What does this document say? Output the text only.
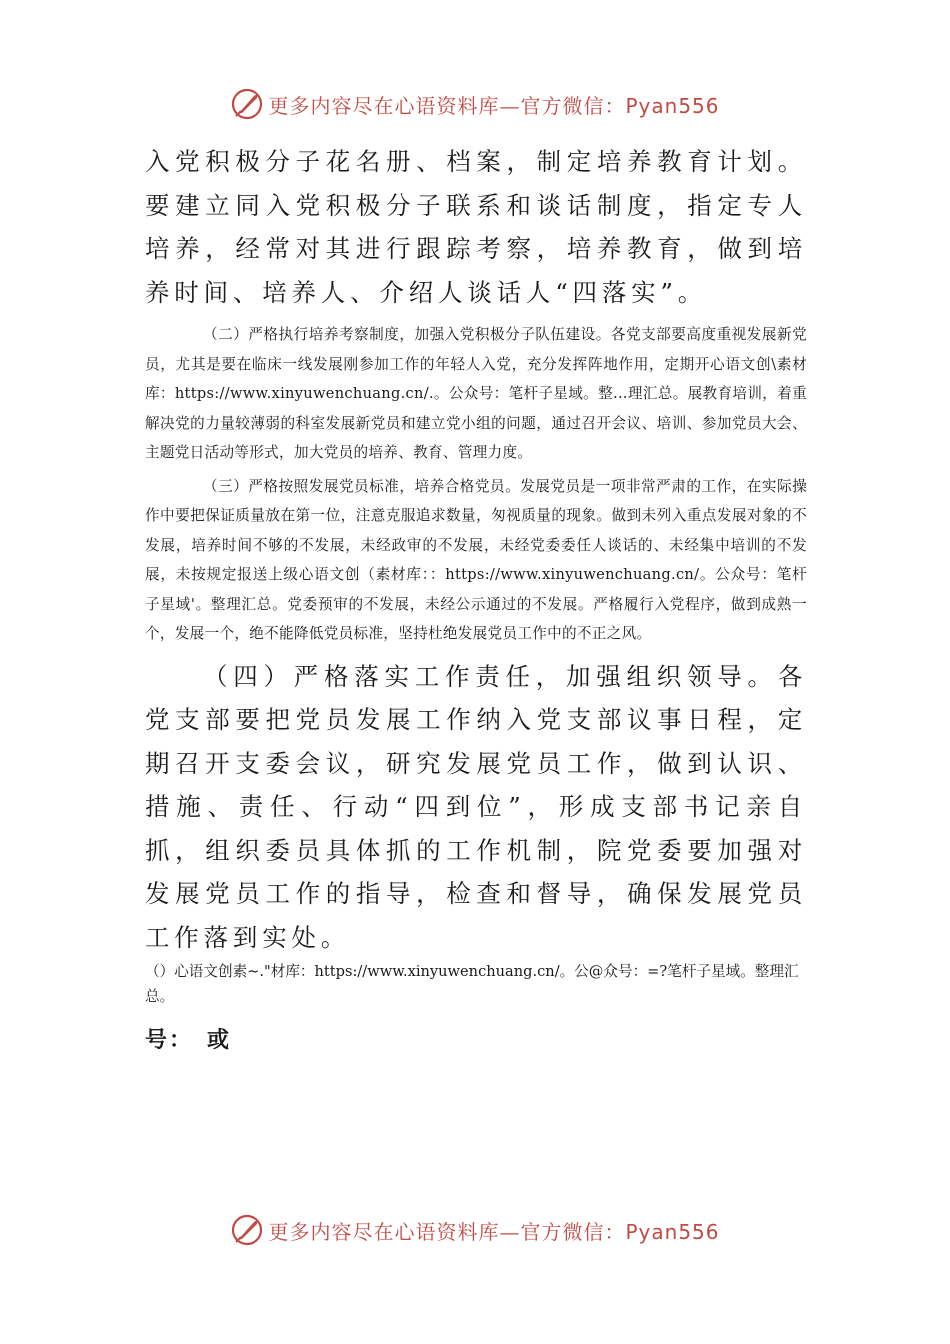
更多内容尽在心语资料库—官方微信：Pyan556

入党积极分子花名册、档案，制定培养教育计划。要建立同入党积极分子联系和谈话制度，指定专人培养，经常对其进行跟踪考察，培养教育，做到培养时间、培养人、介绍人谈话人“四落实”。

（二）严格执行培养考察制度，加强入党积极分子队伍建设。各党支部要高度重视发展新党员，尤其是要在临床一线发展刚参加工作的年轻人入党，充分发挥阵地作用，定期开心语文创\素材库：https://www.xinyuwenchuang.cn/.。公众号：笔杆子星域。整…理汇总。展教育培训，着重解决党的力量较薄弱的科室发展新党员和建立党小组的问题，通过召开会议、培训、参加党员大会、主题党日活动等形式，加大党员的培养、教育、管理力度。

（三）严格按照发展党员标准，培养合格党员。发展党员是一项非常严肃的工作，在实际操作中要把保证质量放在第一位，注意克服追求数量，匆视质量的现象。做到未列入重点发展对象的不发展，培养时间不够的不发展，未经政审的不发展，未经党委委任人谈话的、未经集中培训的不发展，未按规定报送上级心语文创（素材库：：https://www.xinyuwenchuang.cn/。公众号：笔杆子星域'。整理汇总。党委预审的不发展，未经公示通过的不发展。严格履行入党程序，做到成熟一个，发展一个，绝不能降低党员标准，坚持杜绝发展党员工作中的不正之风。

（四）严格落实工作责任，加强组织领导。各党支部要把党员发展工作纳入党支部议事日程，定期召开支委会议，研究发展党员工作，做到认识、措施、责任、行动“四到位”，形成支部书记亲自抓，组织委员具体抓的工作机制，院党委要加强对发展党员工作的指导，检查和督导，确保发展党员工作落到实处。

（）心语文创素~."材库：https://www.xinyuwenchuang.cn/。公@众号：=?笔杆子星域。整理汇总。

号： 或

更多内容尽在心语资料库—官方微信：Pyan556
